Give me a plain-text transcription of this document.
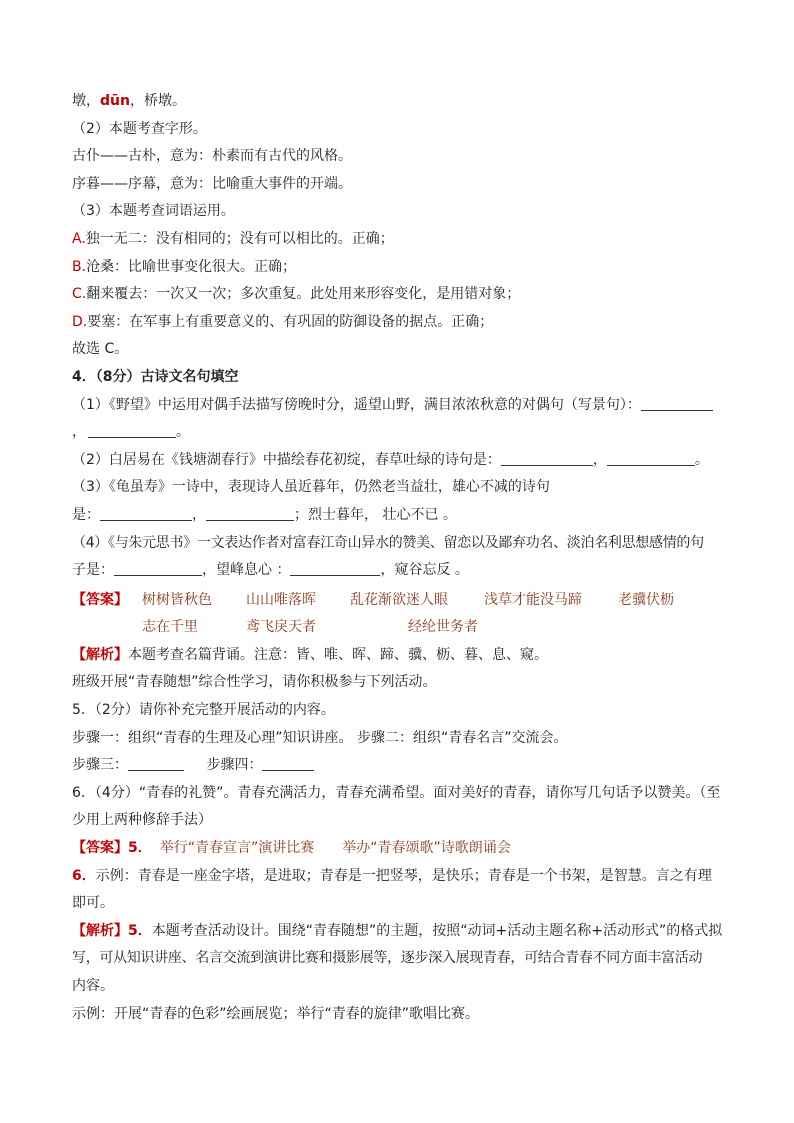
墩，dūn，桥墩。
（2）本题考查字形。
古仆——古朴，意为：朴素而有古代的风格。
序暮——序幕，意为：比喻重大事件的开端。
（3）本题考查词语运用。
A.独一无二：没有相同的；没有可以相比的。正确；
B.沧桑：比喻世事变化很大。正确；
C.翻来覆去：一次又一次；多次重复。此处用来形容变化，是用错对象；
D.要塞：在军事上有重要意义的、有巩固的防御设备的据点。正确；
故选 C。
4．（8分）古诗文名句填空
（1）《野望》中运用对偶手法描写傍晚时分，遥望山野，满目浓浓秋意的对偶句（写景句）：
，	。
（2）白居易在《钱塘湖春行》中描绘春花初绽，春草吐绿的诗句是：	，	。
（3）《龟虽寿》一诗中，表现诗人虽近暮年，仍然老当益壮，雄心不减的诗句
是：	，	；烈士暮年， 壮心不已 。
（4）《与朱元思书》一文表达作者对富春江奇山异水的赞美、留恋以及鄙弃功名、淡泊名利思想感情的句
子是：	，望峰息心 ：	，窥谷忘反 。
【答案】 树树皆秋色 山山唯落晖 乱花渐欲迷人眼	浅草才能没马蹄	老骥伏枥
志在千里	鸢飞戾天者	经纶世务者
【解析】本题考查名篇背诵。注意：皆、唯、晖、蹄、骥、枥、暮、息、窥。
班级开展“青春随想”综合性学习，请你积极参与下列活动。
5．（2分）请你补充完整开展活动的内容。
步骤一：组织“青春的生理及心理”知识讲座。 步骤二：组织“青春名言”交流会。
步骤三：	步骤四：
6．（4分）“青春的礼赞”。青春充满活力，青春充满希望。面对美好的青春，请你写几句话予以赞美。（至
少用上两种修辞手法）
【答案】5． 举行“青春宣言”演讲比赛 举办“青春颂歌”诗歌朗诵会
6．示例：青春是一座金字塔，是进取；青春是一把竖琴，是快乐；青春是一个书架，是智慧。言之有理
即可。
【解析】5．本题考查活动设计。围绕“青春随想”的主题，按照“动词+活动主题名称+活动形式”的格式拟
写，可从知识讲座、名言交流到演讲比赛和摄影展等，逐步深入展现青春，可结合青春不同方面丰富活动
内容。
示例：开展“青春的色彩”绘画展览；举行“青春的旋律”歌唱比赛。
